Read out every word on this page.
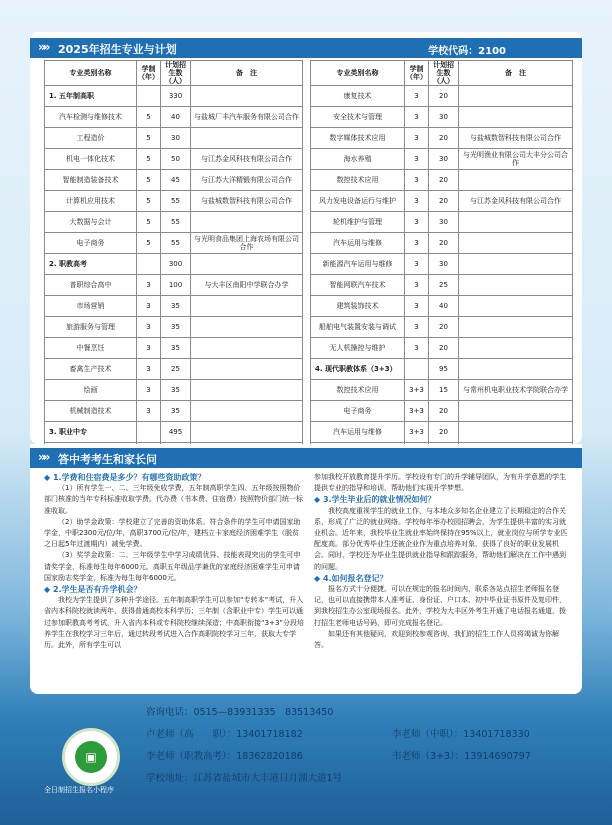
»» 2025年招生专业与计划	学校代码：2100
专业类别名称	学制（年）	计划招生数（人）	备　注
1. 五年制高职		330	
汽车检测与维修技术	5	40	与盐城厂丰汽车服务有限公司合作
工程造价	5	30	
机电一体化技术	5	50	与江苏金风科技有限公司合作
智能制造装备技术	5	45	与江苏大洋精锻有限公司合作
计算机应用技术	5	55	与盐城数智科技有限公司合作
大数据与会计	5	55	
电子商务	5	55	与光明食品集团上海农场有限公司合作
2. 职教高考		300	
普职综合高中	3	100	与大丰区南阳中学联合办学
市场营销	3	35	
旅游服务与管理	3	35	
中餐烹饪	3	35	
畜禽生产技术	3	25	
绘画	3	35	
机械制造技术	3	35	
3. 职业中专		495	

专业类别名称	学制（年）	计划招生数（人）	备　注
康复技术	3	20	
安全技术与管理	3	30	
数字媒体技术应用	3	20	与盐城数智科技有限公司合作
海水养殖	3	30	与光明渔业有限公司大丰分公司合作
数控技术应用	3	20	
风力发电设备运行与维护	3	20	与江苏金风科技有限公司合作
轮机维护与管理	3	30	
汽车运用与维修	3	20	
新能源汽车运用与维修	3	30	
智能网联汽车技术	3	25	
建筑装饰技术	3	40	
船舶电气装置安装与调试	3	20	
无人机操控与维护	3	20	
4. 现代职教体系（3+3）		95	
数控技术应用	3+3	15	与常州机电职业技术学院联合办学
电子商务	3+3	20	
汽车运用与维修	3+3	20	

»» 答中考考生和家长问
◆ 1.学费和住宿费是多少？有哪些资助政策？

（1）所有学生一、二、三年级免收学费，五年制高职学生四、五年级按照物价部门核准的当年专科标准收取学费。代办费（书本费、住宿费）按照物价部门统一标准收取。

（2）助学金政策：学校建立了完善的资助体系。符合条件的学生可申请国家助学金，中职2300元/位/年，高职3700元/位/年，建档立卡家庭经济困难学生（脱贫之日起5年过渡期内）减免学费。

（3）奖学金政策：二、三年级学生中学习成绩优异、技能表现突出的学生可申请奖学金，标准每生每年6000元。高职五年级品学兼优的家庭经济困难学生可申请国家励志奖学金，标准为每生每年6000元。

◆ 2.学生是否有升学机会？

我校为学生提供了多种升学途径。五年制高职学生可以参加“专转本”考试，升入省内本科院校就读两年，获得普通高校本科学历；三年制（含职业中专）学生可以通过参加职教高考考试，升入省内本科或专科院校继续深造；中高职衔接“3+3”分段培养学生在我校学习三年后，通过转段考试进入合作高职院校学习三年，获取大专学历。此外，所有学生可以

参加我校开放教育提升学历。学校设有专门的升学辅导团队，为有升学意愿的学生提供专业的指导和培训，帮助他们实现升学梦想。

◆ 3.学生毕业后的就业情况如何？

我校高度重视学生的就业工作，与本地众多知名企业建立了长期稳定的合作关系，形成了广泛的就业网络。学校每年举办校园招聘会，为学生提供丰富的实习就业机会。近年来，我校毕业生就业率始终保持在95%以上，就业岗位与所学专业匹配度高。部分优秀毕业生还被企业作为重点培养对象，获得了良好的职业发展机会。同时，学校还为毕业生提供就业指导和跟踪服务，帮助他们解决在工作中遇到的问题。

◆ 4.如何报名登记？

报名方式十分便捷。可以在规定的报名时间内，联系各站点招生老师报名登记，也可以直接携带本人准考证、身份证、户口本、初中毕业证书原件及复印件，到我校招生办公室现场报名。此外，学校为大丰区外考生开通了电话报名通道，拨打招生老师电话号码，即可完成报名登记。

如果还有其他疑问，欢迎到校参观咨询，我们的招生工作人员将竭诚为你解答。

▣
全日制招生报名小程序
咨询电话：0515—83931335　83513450
卢老师（高　　职）：13401718182	李老师（中职）：13401718330
李老师（职教高考）：18362820186	韦老师（3+3）：13914690797
学校地址：江苏省盐城市大丰港日月湖大道1号
